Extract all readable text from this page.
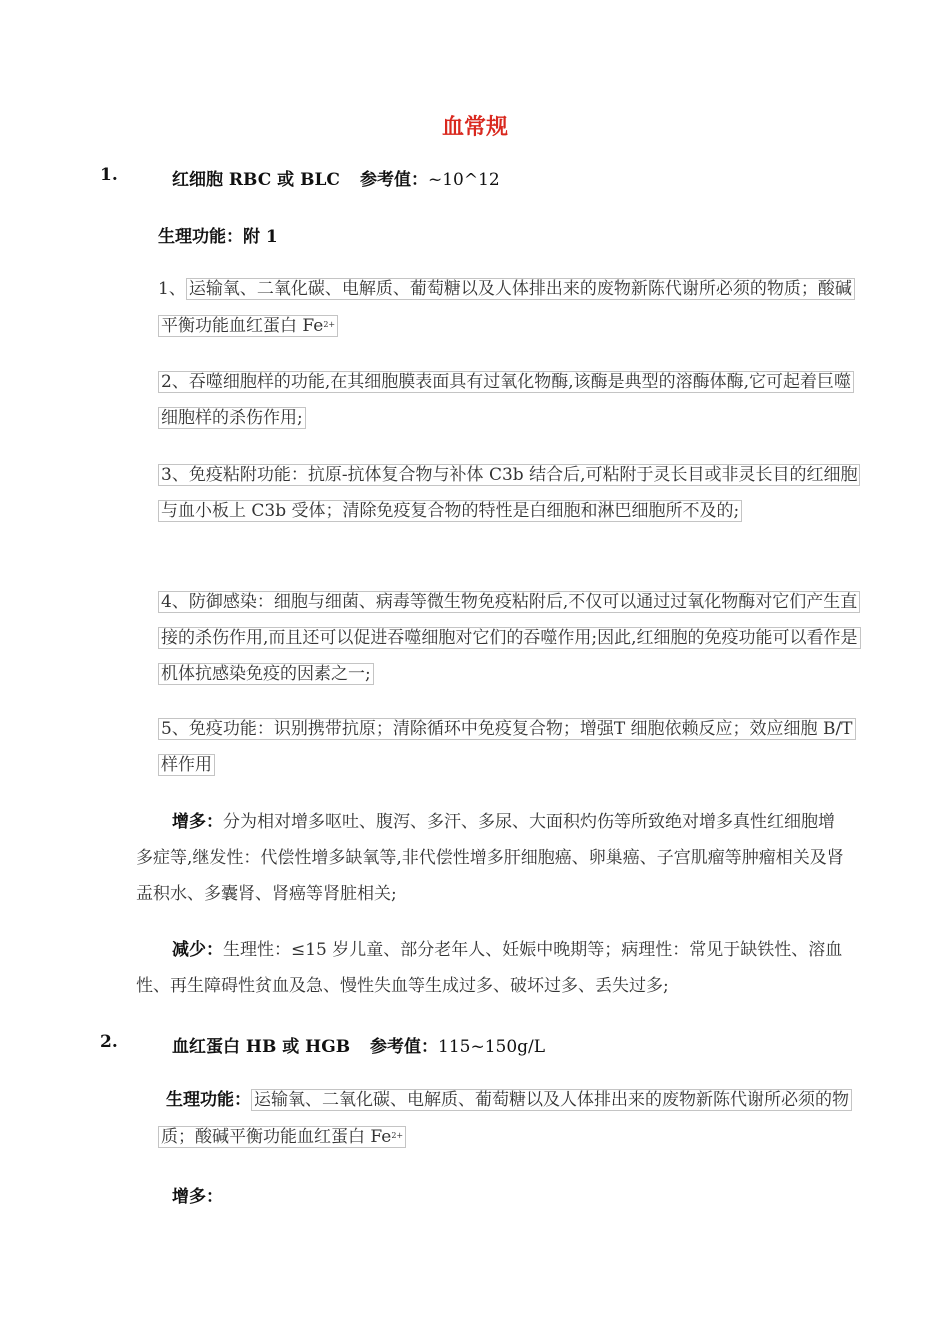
血常规
1.	红细胞 RBC 或 BLC 参考值：~10^12
生理功能：附 1
1、 运输氧、二氧化碳、电解质、葡萄糖以及人体排出来的废物新陈代谢所必须的物质；酸碱平衡功能血红蛋白 $Fe^{2+}$
2、吞噬细胞样的功能,在其细胞膜表面具有过氧化物酶,该酶是典型的溶酶体酶,它可起着巨噬细胞样的杀伤作用;
3、免疫粘附功能：抗原-抗体复合物与补体 C3b 结合后,可粘附于灵长目或非灵长目的红细胞与血小板上 C3b 受体；清除免疫复合物的特性是白细胞和淋巴细胞所不及的;
4、防御感染：细胞与细菌、病毒等微生物免疫粘附后,不仅可以通过过氧化物酶对它们产生直接的杀伤作用,而且还可以促进吞噬细胞对它们的吞噬作用;因此,红细胞的免疫功能可以看作是机体抗感染免疫的因素之一;
5、免疫功能：识别携带抗原；清除循环中免疫复合物；增强T 细胞依赖反应；效应细胞 B/T 样作用
增多：分为相对增多呕吐、腹泻、多汗、多尿、大面积灼伤等所致绝对增多真性红细胞增多症等,继发性：代偿性增多缺氧等,非代偿性增多肝细胞癌、卵巢癌、子宫肌瘤等肿瘤相关及肾盂积水、多囊肾、肾癌等肾脏相关;
减少：生理性：≤15 岁儿童、部分老年人、妊娠中晚期等；病理性：常见于缺铁性、溶血性、再生障碍性贫血及急、慢性失血等生成过多、破坏过多、丢失过多;
2.	血红蛋白 HB 或 HGB 参考值：115~150g/L
生理功能： 运输氧、二氧化碳、电解质、葡萄糖以及人体排出来的废物新陈代谢所必须的物质；酸碱平衡功能血红蛋白 $Fe^{2+}$
增多：
